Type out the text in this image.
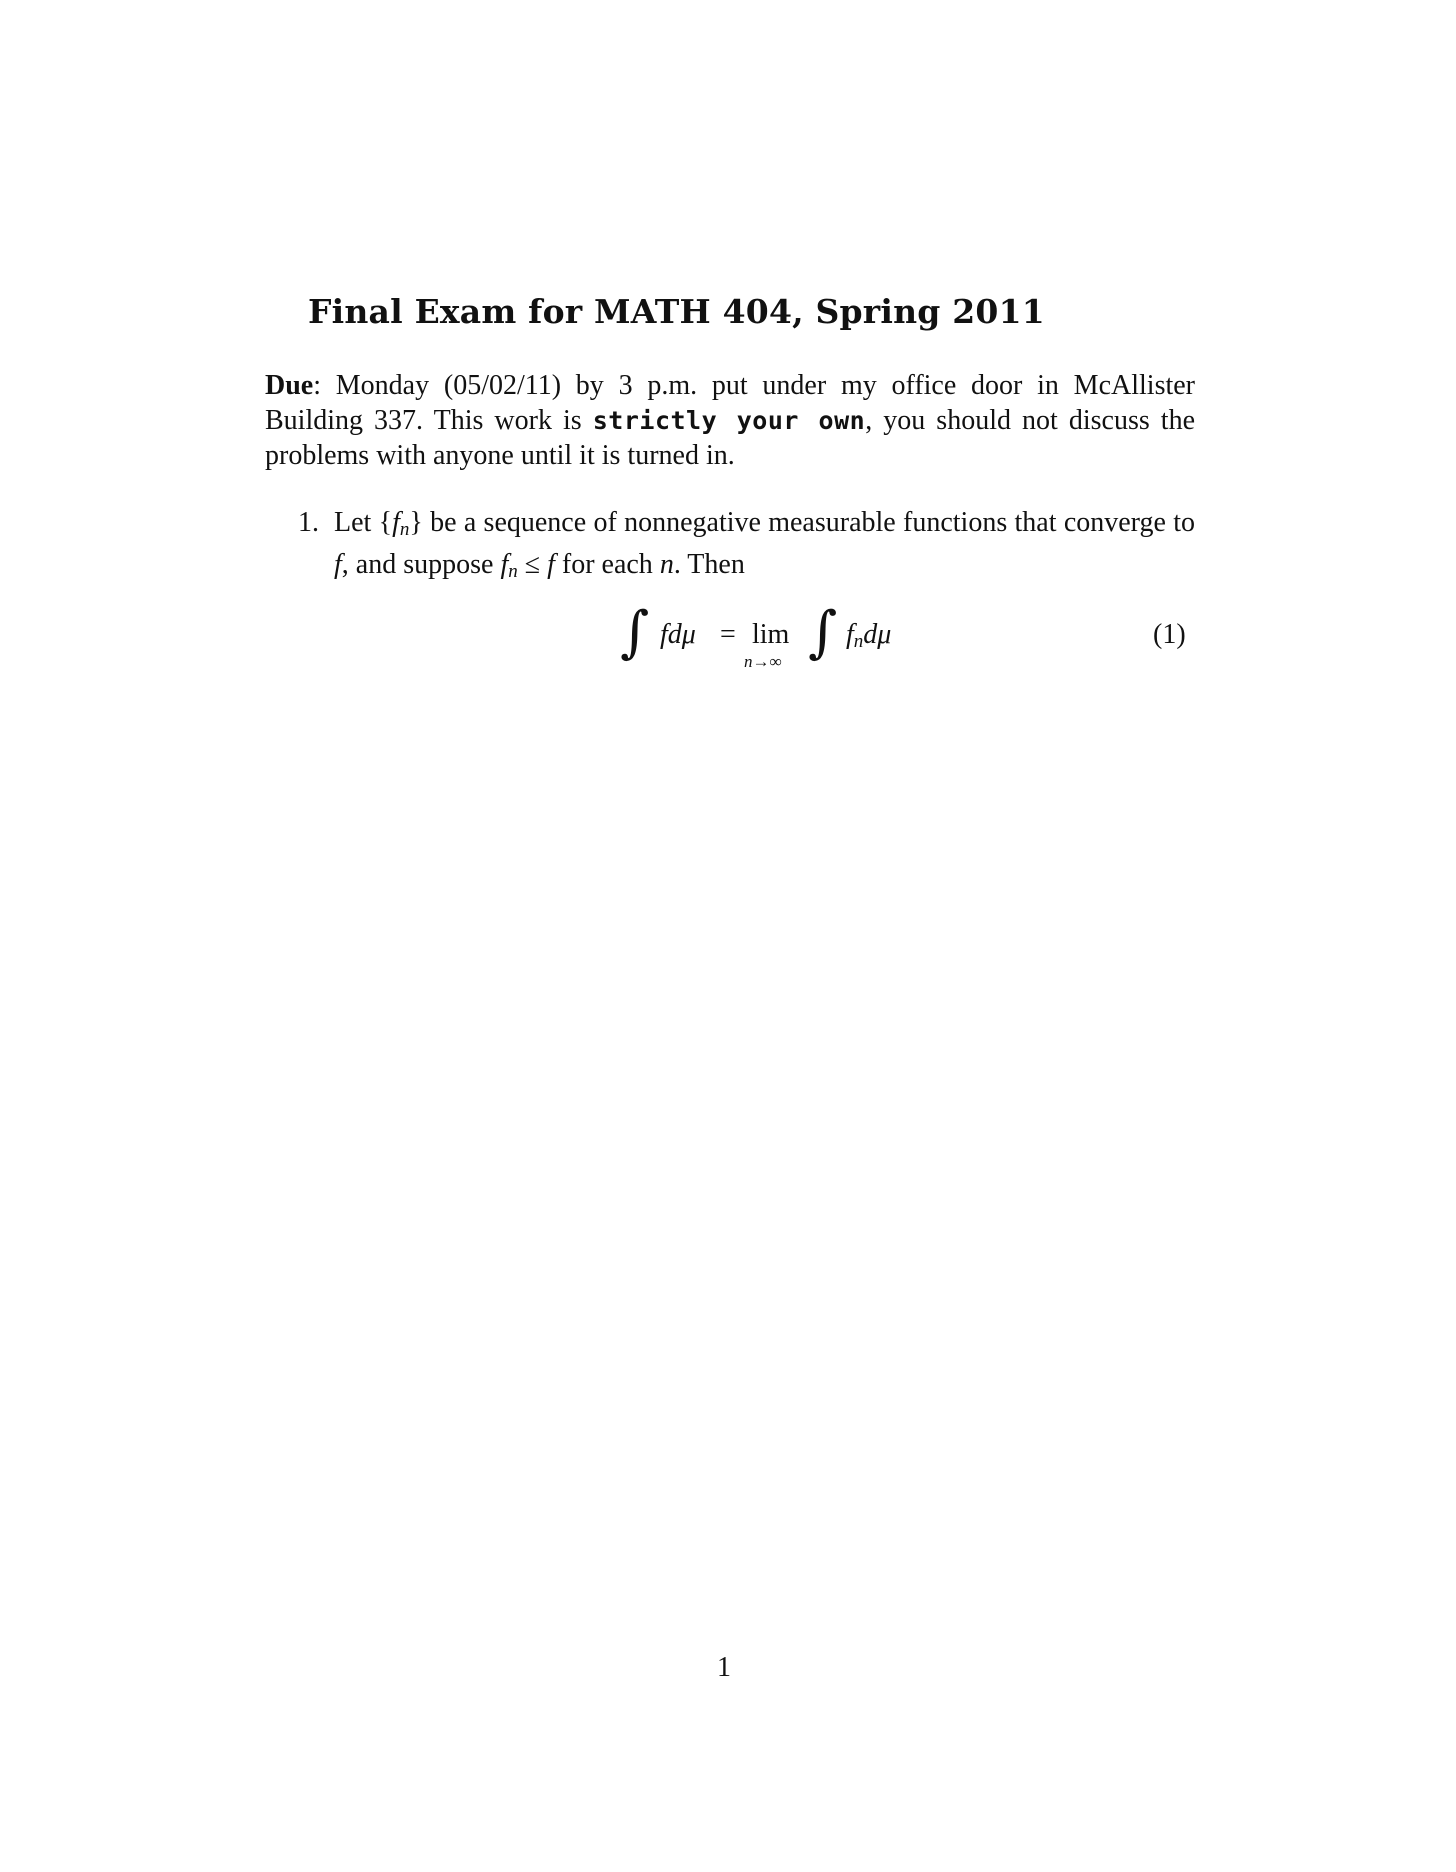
Final Exam for MATH 404, Spring 2011

Due: Monday (05/02/11) by 3 p.m. put under my office door in McAllister Building 337. This work is strictly your own, you should not discuss the problems with anyone until it is turned in.

1. Let $\{f_n\}$ be a sequence of nonnegative measurable functions that converge to f, and suppose $f_n \le f$ for each n. Then
∫ fdμ = lim
n→∞ ∫ $f_nd\mu$	(1)
1
